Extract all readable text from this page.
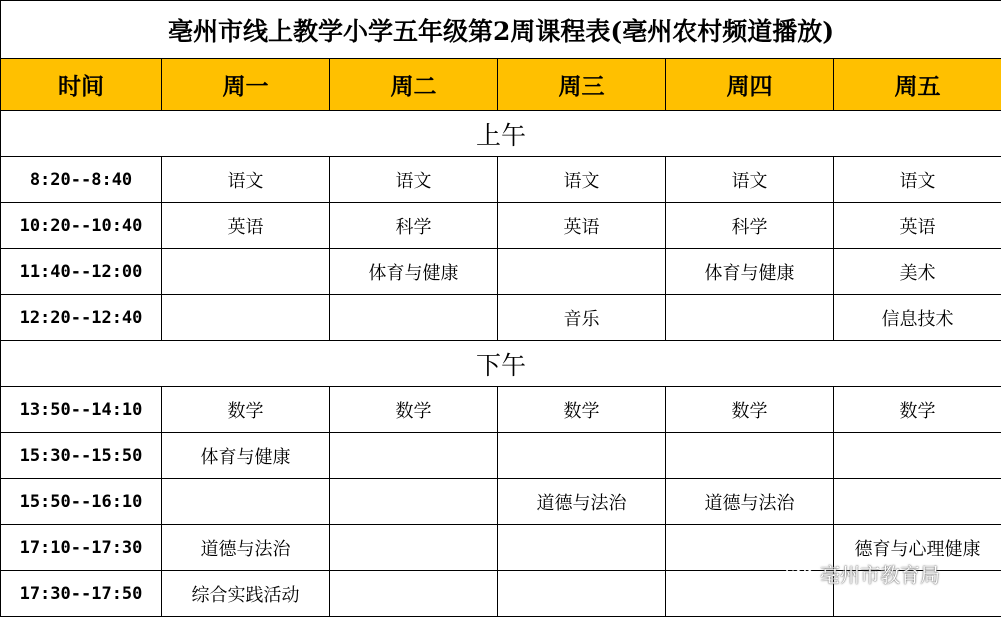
亳州市线上教学小学五年级第2周课程表(亳州农村频道播放)					
时间	周一	周二	周三	周四	周五
上午					
8:20--8:40	语文	语文	语文	语文	语文
10:20--10:40	英语	科学	英语	科学	英语
11:40--12:00		体育与健康		体育与健康	美术
12:20--12:40			音乐		信息技术
下午					
13:50--14:10	数学	数学	数学	数学	数学
15:30--15:50	体育与健康				
15:50--16:10			道德与法治	道德与法治	
17:10--17:30	道德与法治				德育与心理健康
17:30--17:50	综合实践活动				
亳州市教育局
